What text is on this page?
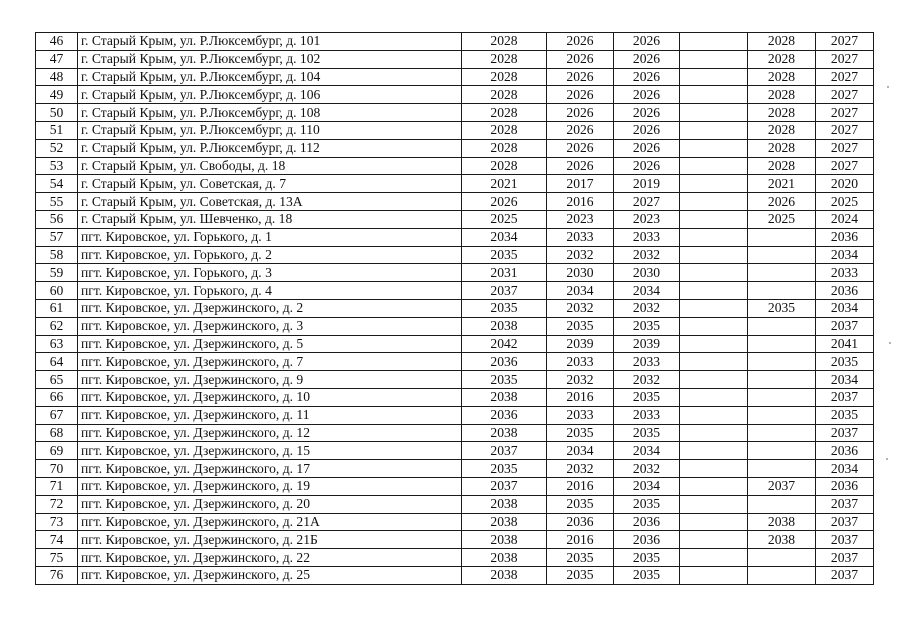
46	г. Старый Крым, ул. Р.Люксембург, д. 101	2028	2026	2026		2028	2027
47	г. Старый Крым, ул. Р.Люксембург, д. 102	2028	2026	2026		2028	2027
48	г. Старый Крым, ул. Р.Люксембург, д. 104	2028	2026	2026		2028	2027
49	г. Старый Крым, ул. Р.Люксембург, д. 106	2028	2026	2026		2028	2027
50	г. Старый Крым, ул. Р.Люксембург, д. 108	2028	2026	2026		2028	2027
51	г. Старый Крым, ул. Р.Люксембург, д. 110	2028	2026	2026		2028	2027
52	г. Старый Крым, ул. Р.Люксембург, д. 112	2028	2026	2026		2028	2027
53	г. Старый Крым, ул. Свободы, д. 18	2028	2026	2026		2028	2027
54	г. Старый Крым, ул. Советская, д. 7	2021	2017	2019		2021	2020
55	г. Старый Крым, ул. Советская, д. 13А	2026	2016	2027		2026	2025
56	г. Старый Крым, ул. Шевченко, д. 18	2025	2023	2023		2025	2024
57	пгт. Кировское, ул. Горького, д. 1	2034	2033	2033			2036
58	пгт. Кировское, ул. Горького, д. 2	2035	2032	2032			2034
59	пгт. Кировское, ул. Горького, д. 3	2031	2030	2030			2033
60	пгт. Кировское, ул. Горького, д. 4	2037	2034	2034			2036
61	пгт. Кировское, ул. Дзержинского, д. 2	2035	2032	2032		2035	2034
62	пгт. Кировское, ул. Дзержинского, д. 3	2038	2035	2035			2037
63	пгт. Кировское, ул. Дзержинского, д. 5	2042	2039	2039			2041
64	пгт. Кировское, ул. Дзержинского, д. 7	2036	2033	2033			2035
65	пгт. Кировское, ул. Дзержинского, д. 9	2035	2032	2032			2034
66	пгт. Кировское, ул. Дзержинского, д. 10	2038	2016	2035			2037
67	пгт. Кировское, ул. Дзержинского, д. 11	2036	2033	2033			2035
68	пгт. Кировское, ул. Дзержинского, д. 12	2038	2035	2035			2037
69	пгт. Кировское, ул. Дзержинского, д. 15	2037	2034	2034			2036
70	пгт. Кировское, ул. Дзержинского, д. 17	2035	2032	2032			2034
71	пгт. Кировское, ул. Дзержинского, д. 19	2037	2016	2034		2037	2036
72	пгт. Кировское, ул. Дзержинского, д. 20	2038	2035	2035			2037
73	пгт. Кировское, ул. Дзержинского, д. 21А	2038	2036	2036		2038	2037
74	пгт. Кировское, ул. Дзержинского, д. 21Б	2038	2016	2036		2038	2037
75	пгт. Кировское, ул. Дзержинского, д. 22	2038	2035	2035			2037
76	пгт. Кировское, ул. Дзержинского, д. 25	2038	2035	2035			2037
